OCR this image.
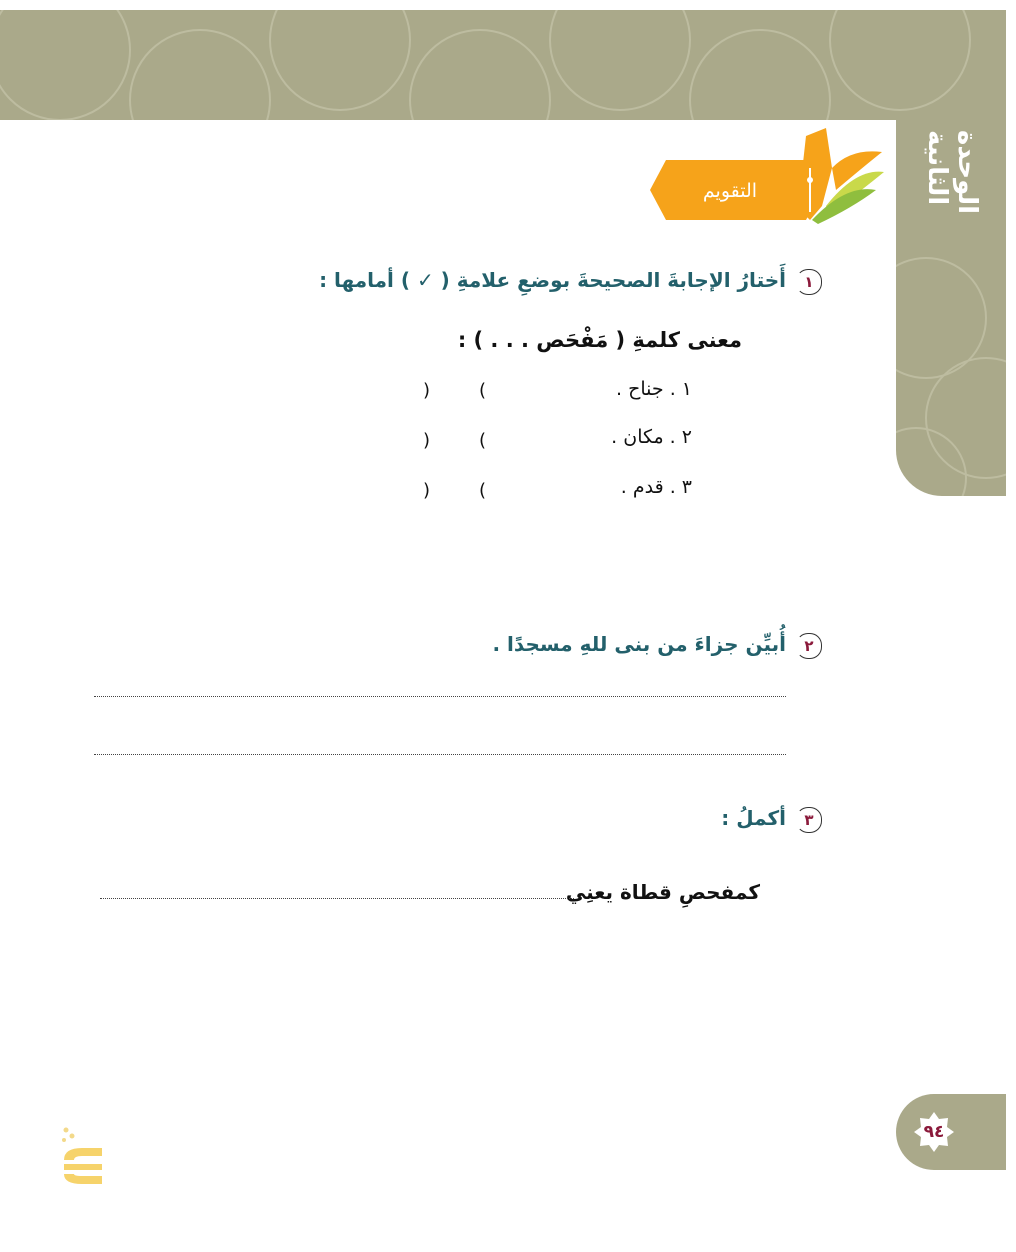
الوحدة الثانية
التقويم
١أَختارُ الإجابةَ الصحيحةَ بوضعِ علامةِ ( ✓ ) أمامها :
معنى كلمةِ ( مَفْحَص . . . ) :
١ . جناح .
(
)
٢ . مكان .
(
)
٣ . قدم .
(
)
٢أُبيِّن جزاءَ من بنى للهِ مسجدًا .
٣أكملُ :
كمفحصِ قطاة يعنِي
٩٤
